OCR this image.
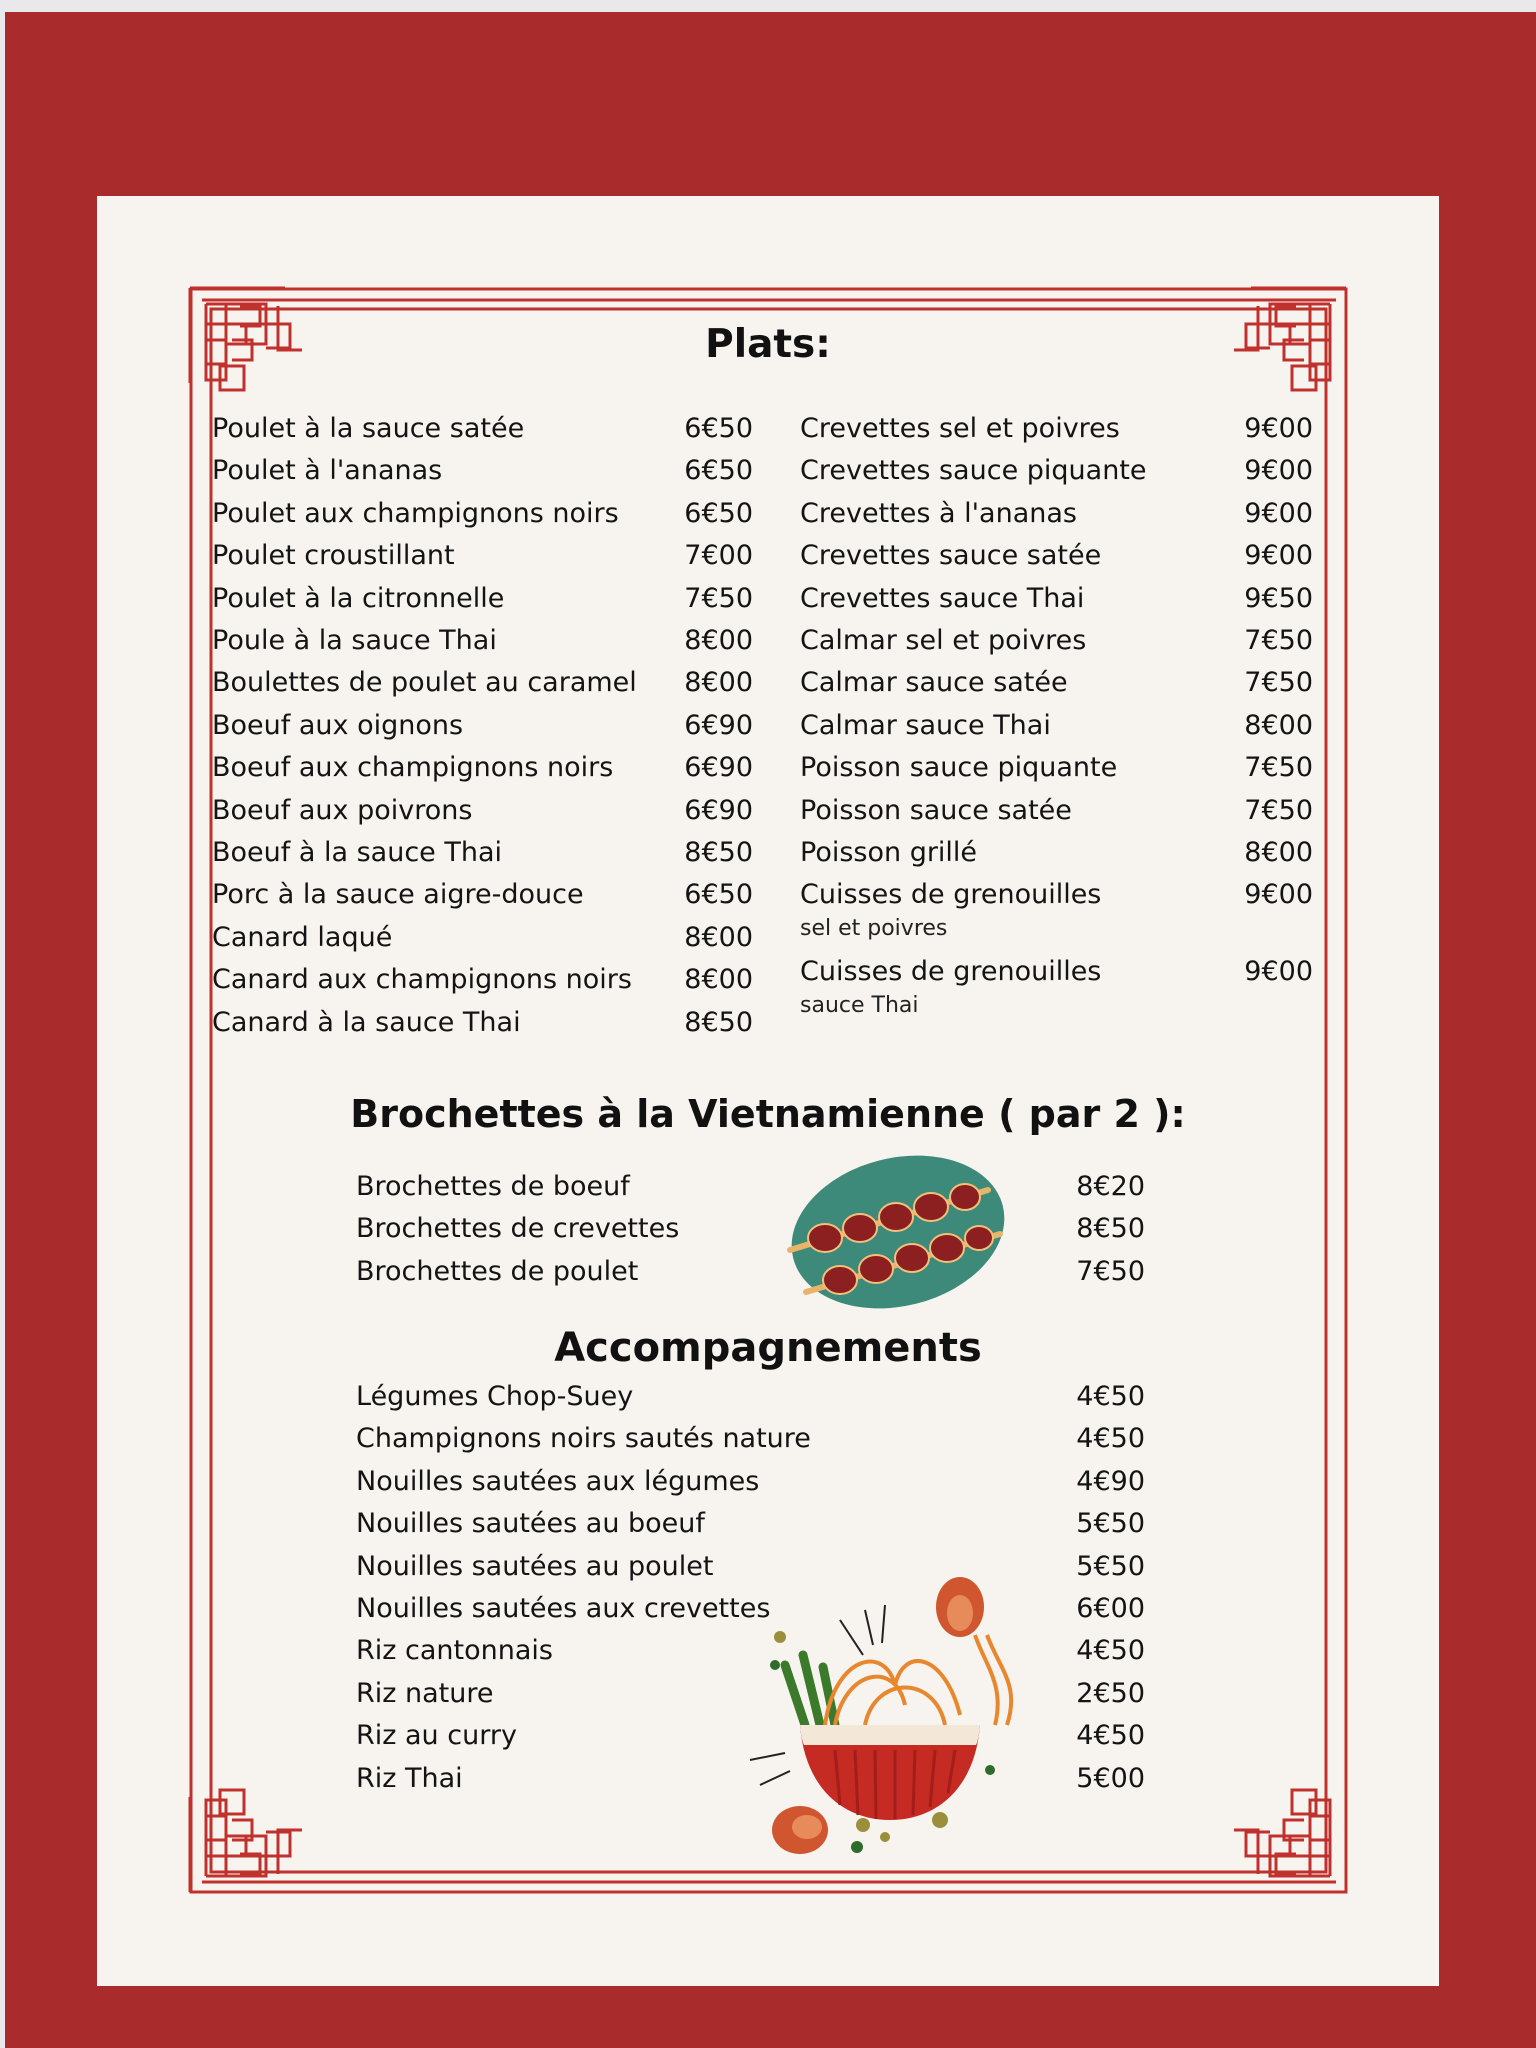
Plats:
Poulet à la sauce satée	6€50
Poulet à l'ananas	6€50
Poulet aux champignons noirs	6€50
Poulet croustillant	7€00
Poulet à la citronnelle	7€50
Poule à la sauce Thai	8€00
Boulettes de poulet au caramel	8€00
Boeuf aux oignons	6€90
Boeuf aux champignons noirs	6€90
Boeuf aux poivrons	6€90
Boeuf à la sauce Thai	8€50
Porc à la sauce aigre-douce	6€50
Canard laqué	8€00
Canard aux champignons noirs	8€00
Canard à la sauce Thai	8€50
Crevettes sel et poivres	9€00
Crevettes sauce piquante	9€00
Crevettes à l'ananas	9€00
Crevettes sauce satée	9€00
Crevettes sauce Thai	9€50
Calmar sel et poivres	7€50
Calmar sauce satée	7€50
Calmar sauce Thai	8€00
Poisson sauce piquante	7€50
Poisson sauce satée	7€50
Poisson grillé	8€00
Cuisses de grenouilles	9€00
sel et poivres
Cuisses de grenouilles	9€00
sauce Thai
Brochettes à la Vietnamienne ( par 2 ):
Brochettes de boeuf	8€20
Brochettes de crevettes	8€50
Brochettes de poulet	7€50
Accompagnements
Légumes Chop-Suey	4€50
Champignons noirs sautés nature	4€50
Nouilles sautées aux légumes	4€90
Nouilles sautées au boeuf	5€50
Nouilles sautées au poulet	5€50
Nouilles sautées aux crevettes	6€00
Riz cantonnais	4€50
Riz nature	2€50
Riz au curry	4€50
Riz Thai	5€00
